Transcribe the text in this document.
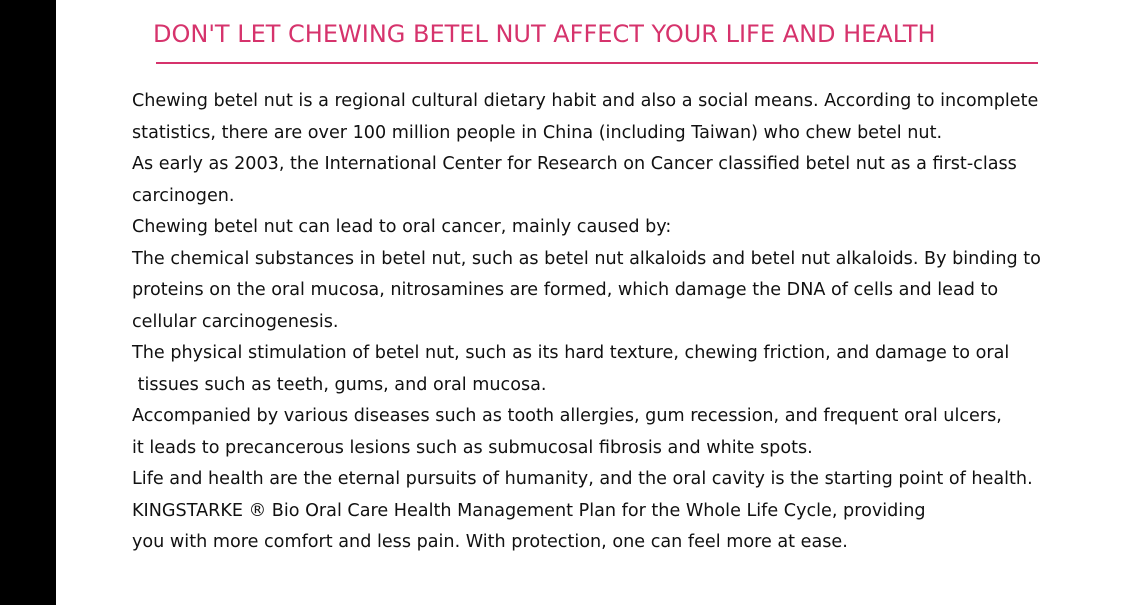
DON'T LET CHEWING BETEL NUT AFFECT YOUR LIFE AND HEALTH
Chewing betel nut is a regional cultural dietary habit and also a social means. According to incomplete
statistics, there are over 100 million people in China (including Taiwan) who chew betel nut.
As early as 2003, the International Center for Research on Cancer classified betel nut as a first-class
carcinogen.
Chewing betel nut can lead to oral cancer, mainly caused by:
The chemical substances in betel nut, such as betel nut alkaloids and betel nut alkaloids. By binding to
proteins on the oral mucosa, nitrosamines are formed, which damage the DNA of cells and lead to
cellular carcinogenesis.
The physical stimulation of betel nut, such as its hard texture, chewing friction, and damage to oral
tissues such as teeth, gums, and oral mucosa.
Accompanied by various diseases such as tooth allergies, gum recession, and frequent oral ulcers,
it leads to precancerous lesions such as submucosal fibrosis and white spots.
Life and health are the eternal pursuits of humanity, and the oral cavity is the starting point of health.
KINGSTARKE ® Bio Oral Care Health Management Plan for the Whole Life Cycle, providing
you with more comfort and less pain. With protection, one can feel more at ease.
